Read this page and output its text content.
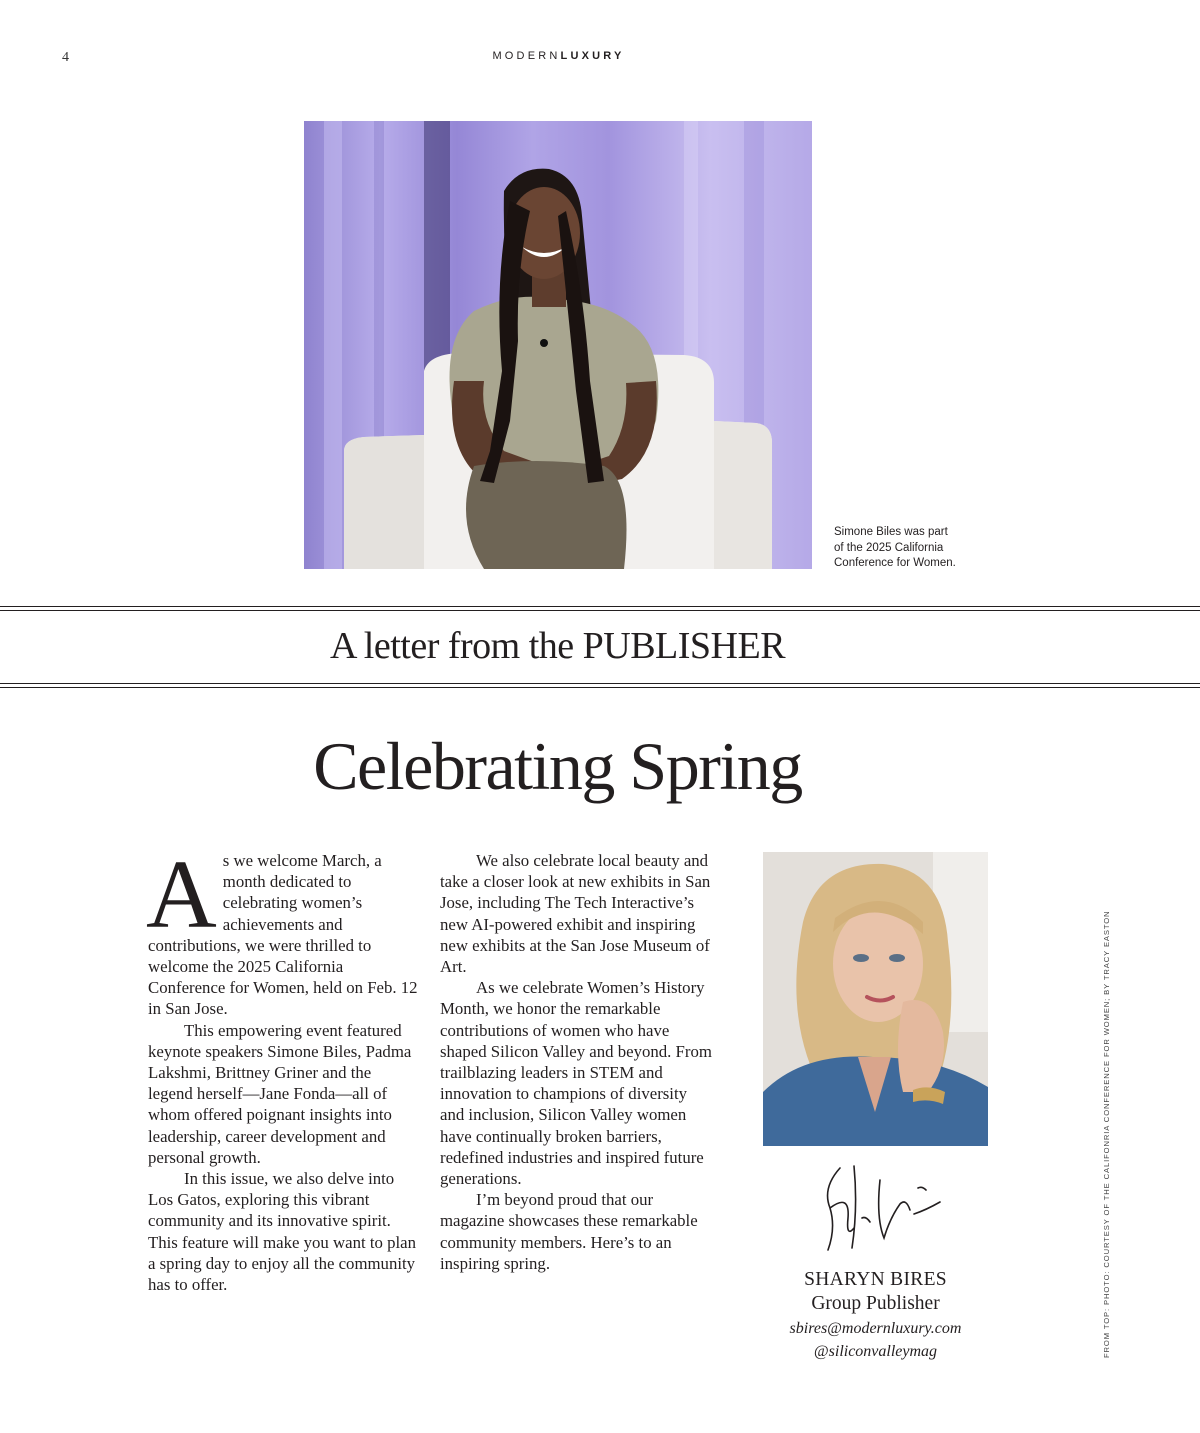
4	MODERNLUXURY
Simone Biles was part
of the 2025 California
Conference for Women.
A letter from the PUBLISHER
Celebrating Spring

As we welcome March, a month dedicated to celebrating women’s achievements and contributions, we were thrilled to welcome the 2025 California Conference for Women, held on Feb. 12 in San Jose.

This empowering event featured keynote speakers Simone Biles, Padma Lakshmi, Brittney Griner and the legend herself—Jane Fonda—all of whom offered poignant insights into leadership, career development and personal growth.

In this issue, we also delve into Los Gatos, exploring this vibrant community and its innovative spirit. This feature will make you want to plan a spring day to enjoy all the community has to offer.

We also celebrate local beauty and take a closer look at new exhibits in San Jose, including The Tech Interactive’s new AI-powered exhibit and inspiring new exhibits at the San Jose Museum of Art.

As we celebrate Women’s History Month, we honor the remarkable contributions of women who have shaped Silicon Valley and beyond. From trailblazing leaders in STEM and innovation to champions of diversity and inclusion, Silicon Valley women have continually broken barriers, redefined industries and inspired future generations.

I’m beyond proud that our magazine showcases these remarkable community members. Here’s to an inspiring spring.

SHARYN BIRES
Group Publisher
sbires@modernluxury.com
@siliconvalleymag	FROM TOP: PHOTO: COURTESY OF THE CALIFONRIA CONFERENCE FOR WOMEN; BY TRACY EASTON
